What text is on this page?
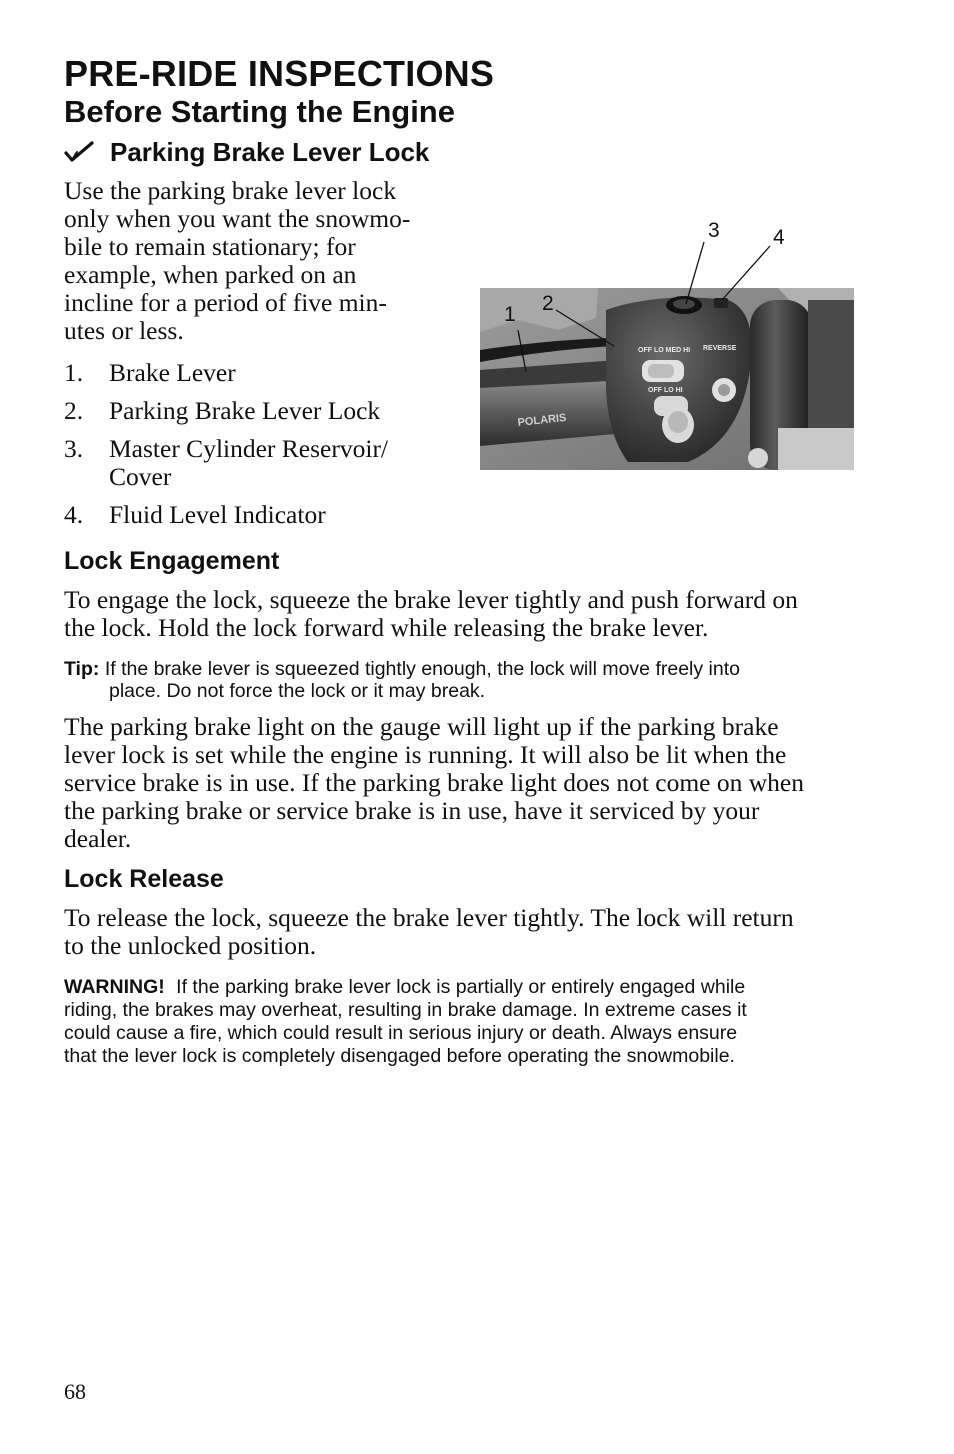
PRE-RIDE INSPECTIONS
Before Starting the Engine
Parking Brake Lever Lock
Use the parking brake lever lock
only when you want the snowmo-
bile to remain stationary; for
example, when parked on an
incline for a period of five min-
utes or less.
1. Brake Lever
2. Parking Brake Lever Lock
3. Master Cylinder Reservoir/ Cover
4. Fluid Level Indicator
POLARIS
OFF LO MED HI REVERSE
OFF LO HI
1 2
3	4
Lock Engagement
To engage the lock, squeeze the brake lever tightly and push forward on
the lock. Hold the lock forward while releasing the brake lever.
Tip: If the brake lever is squeezed tightly enough, the lock will move freely into
place. Do not force the lock or it may break.
The parking brake light on the gauge will light up if the parking brake
lever lock is set while the engine is running. It will also be lit when the
service brake is in use. If the parking brake light does not come on when
the parking brake or service brake is in use, have it serviced by your
dealer.
Lock Release
To release the lock, squeeze the brake lever tightly. The lock will return
to the unlocked position.
WARNING! If the parking brake lever lock is partially or entirely engaged while
riding, the brakes may overheat, resulting in brake damage. In extreme cases it
could cause a fire, which could result in serious injury or death. Always ensure
that the lever lock is completely disengaged before operating the snowmobile.
68
